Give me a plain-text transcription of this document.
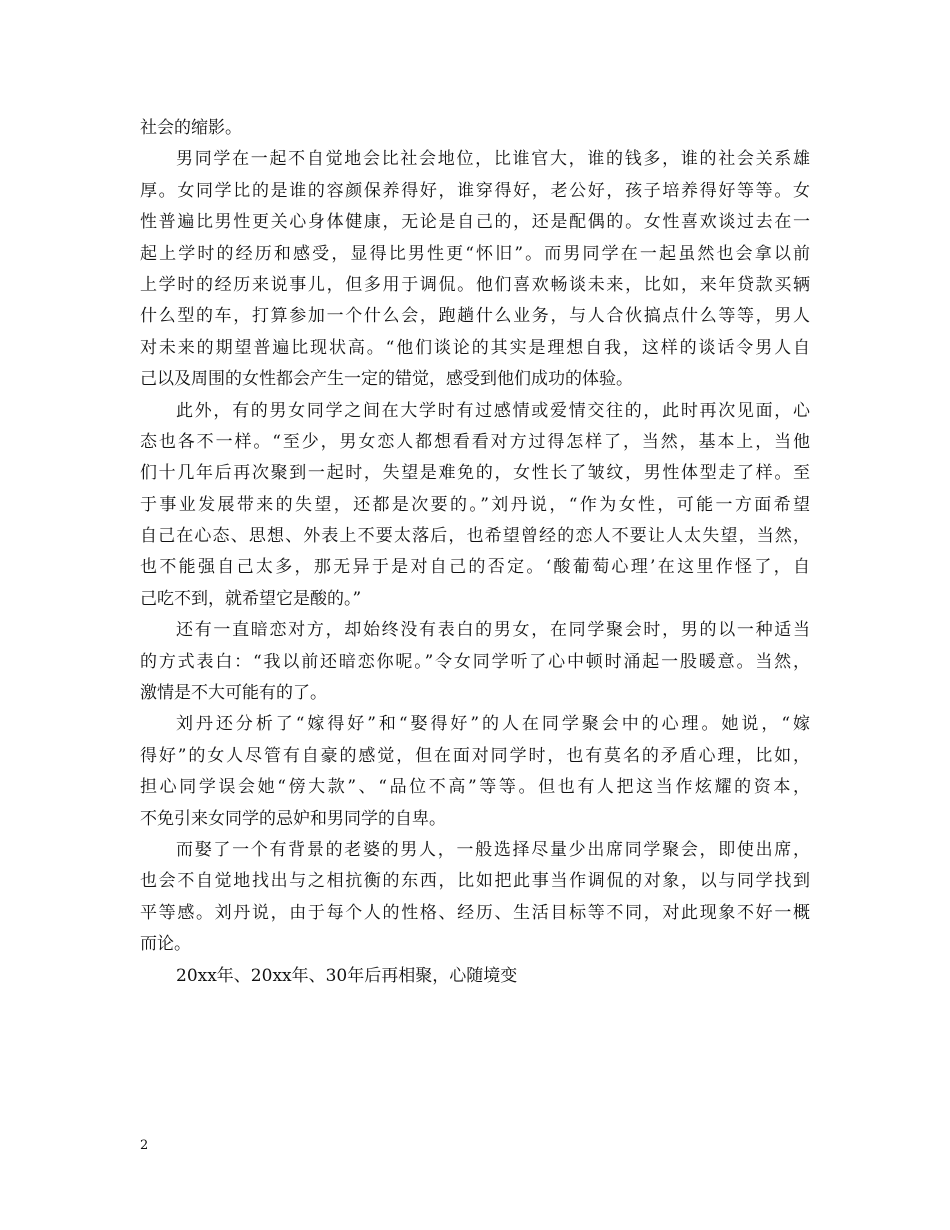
社会的缩影。
男同学在一起不自觉地会比社会地位，比谁官大，谁的钱多，谁的社会关系雄
厚。女同学比的是谁的容颜保养得好，谁穿得好，老公好，孩子培养得好等等。女
性普遍比男性更关心身体健康，无论是自己的，还是配偶的。女性喜欢谈过去在一
起上学时的经历和感受，显得比男性更“怀旧”。而男同学在一起虽然也会拿以前
上学时的经历来说事儿，但多用于调侃。他们喜欢畅谈未来，比如，来年贷款买辆
什么型的车，打算参加一个什么会，跑趟什么业务，与人合伙搞点什么等等，男人
对未来的期望普遍比现状高。“他们谈论的其实是理想自我，这样的谈话令男人自
己以及周围的女性都会产生一定的错觉，感受到他们成功的体验。
此外，有的男女同学之间在大学时有过感情或爱情交往的，此时再次见面，心
态也各不一样。“至少，男女恋人都想看看对方过得怎样了，当然，基本上，当他
们十几年后再次聚到一起时，失望是难免的，女性长了皱纹，男性体型走了样。至
于事业发展带来的失望，还都是次要的。”刘丹说，“作为女性，可能一方面希望
自己在心态、思想、外表上不要太落后，也希望曾经的恋人不要让人太失望，当然，
也不能强自己太多，那无异于是对自己的否定。‘酸葡萄心理’在这里作怪了，自
己吃不到，就希望它是酸的。”
还有一直暗恋对方，却始终没有表白的男女，在同学聚会时，男的以一种适当
的方式表白：“我以前还暗恋你呢。”令女同学听了心中顿时涌起一股暖意。当然，
激情是不大可能有的了。
刘丹还分析了“嫁得好”和“娶得好”的人在同学聚会中的心理。她说，“嫁
得好”的女人尽管有自豪的感觉，但在面对同学时，也有莫名的矛盾心理，比如，
担心同学误会她“傍大款”、“品位不高”等等。但也有人把这当作炫耀的资本，
不免引来女同学的忌妒和男同学的自卑。
而娶了一个有背景的老婆的男人，一般选择尽量少出席同学聚会，即使出席，
也会不自觉地找出与之相抗衡的东西，比如把此事当作调侃的对象，以与同学找到
平等感。刘丹说，由于每个人的性格、经历、生活目标等不同，对此现象不好一概
而论。
20xx年、20xx年、30年后再相聚，心随境变
2
